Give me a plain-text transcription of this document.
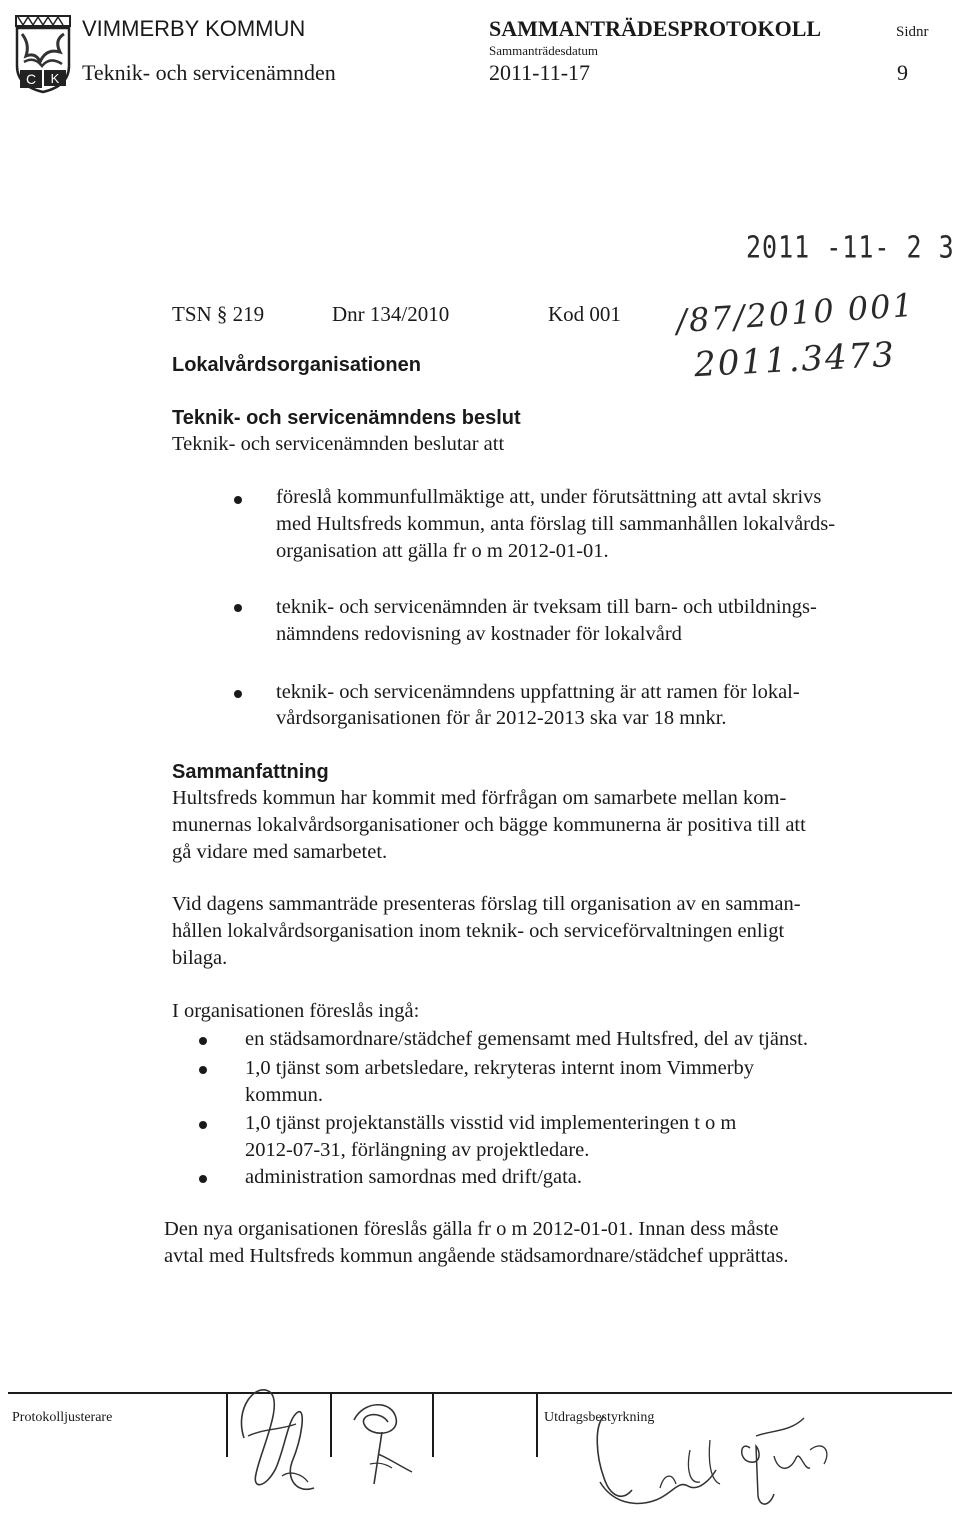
C K
VIMMERBY KOMMUN
Teknik- och servicenämnden
SAMMANTRÄDESPROTOKOLL
Sammanträdesdatum
2011-11-17
Sidnr
9
2011 -11- 2 3
/87/2010 001
2011.3473
TSN § 219	Dnr 134/2010	Kod 001
Lokalvårdsorganisationen
Teknik- och servicenämndens beslut
Teknik- och servicenämnden beslutar att
föreslå kommunfullmäktige att, under förutsättning att avtal skrivs
med Hultsfreds kommun, anta förslag till sammanhållen lokalvårds-
organisation att gälla fr o m 2012-01-01.
teknik- och servicenämnden är tveksam till barn- och utbildnings-
nämndens redovisning av kostnader för lokalvård
teknik- och servicenämndens uppfattning är att ramen för lokal-
vårdsorganisationen för år 2012-2013 ska var 18 mnkr.
Sammanfattning
Hultsfreds kommun har kommit med förfrågan om samarbete mellan kom-
munernas lokalvårdsorganisationer och bägge kommunerna är positiva till att
gå vidare med samarbetet.
Vid dagens sammanträde presenteras förslag till organisation av en samman-
hållen lokalvårdsorganisation inom teknik- och serviceförvaltningen enligt
bilaga.
I organisationen föreslås ingå:
en städsamordnare/städchef gemensamt med Hultsfred, del av tjänst.
1,0 tjänst som arbetsledare, rekryteras internt inom Vimmerby
kommun.
1,0 tjänst projektanställs visstid vid implementeringen t o m
2012-07-31, förlängning av projektledare.
administration samordnas med drift/gata.
Den nya organisationen föreslås gälla fr o m 2012-01-01. Innan dess måste
avtal med Hultsfreds kommun angående städsamordnare/städchef upprättas.
Protokolljusterare	Utdragsbestyrkning
